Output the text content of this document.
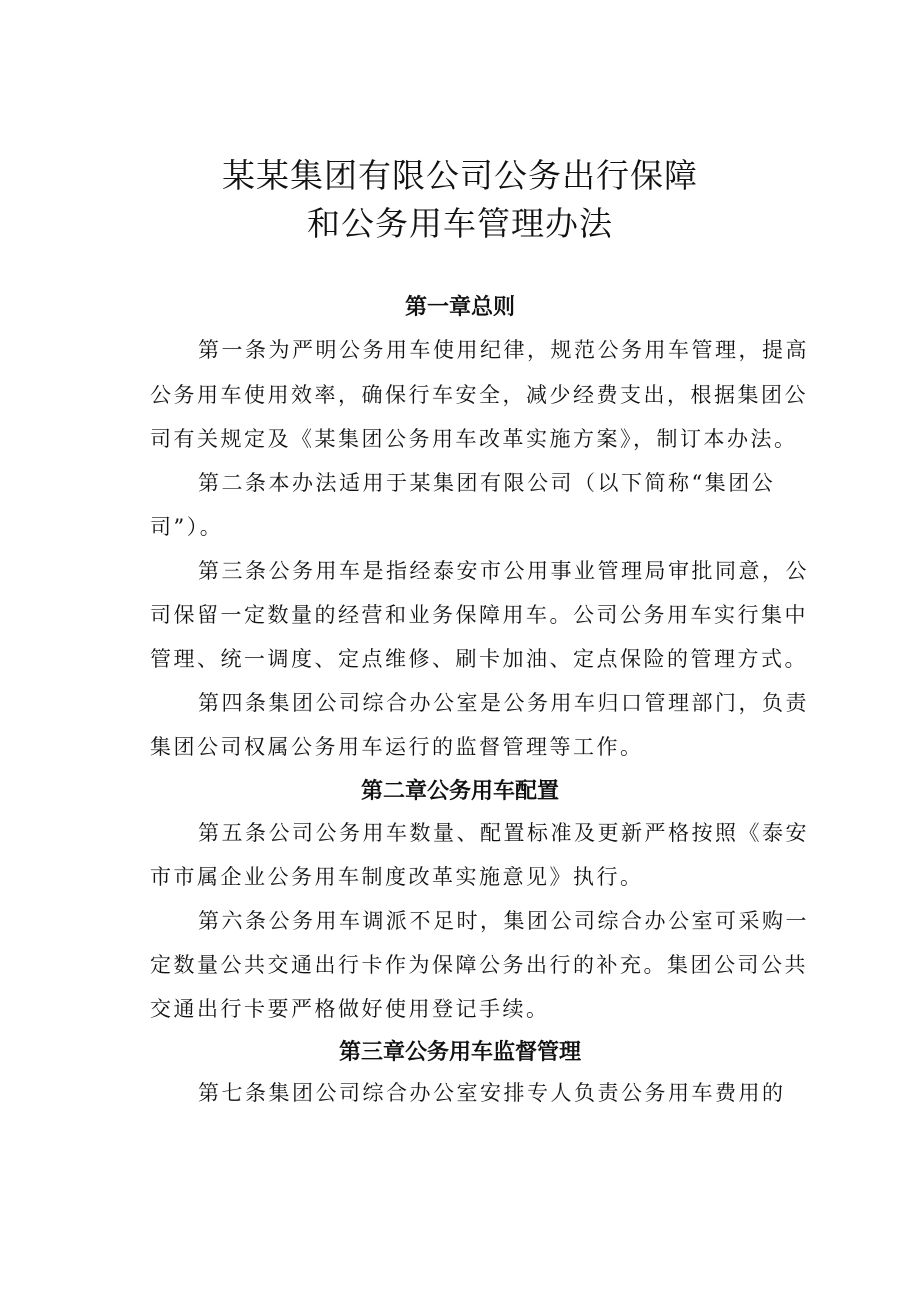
某某集团有限公司公务出行保障
和公务用车管理办法
第一章总则
第一条为严明公务用车使用纪律，规范公务用车管理，提高
公务用车使用效率，确保行车安全，减少经费支出，根据集团公
司有关规定及《某集团公务用车改革实施方案》，制订本办法。
第二条本办法适用于某集团有限公司（以下简称“集团公
司”）。
第三条公务用车是指经泰安市公用事业管理局审批同意，公
司保留一定数量的经营和业务保障用车。公司公务用车实行集中
管理、统一调度、定点维修、刷卡加油、定点保险的管理方式。
第四条集团公司综合办公室是公务用车归口管理部门，负责
集团公司权属公务用车运行的监督管理等工作。
第二章公务用车配置
第五条公司公务用车数量、配置标准及更新严格按照《泰安
市市属企业公务用车制度改革实施意见》执行。
第六条公务用车调派不足时，集团公司综合办公室可采购一
定数量公共交通出行卡作为保障公务出行的补充。集团公司公共
交通出行卡要严格做好使用登记手续。
第三章公务用车监督管理
第七条集团公司综合办公室安排专人负责公务用车费用的
